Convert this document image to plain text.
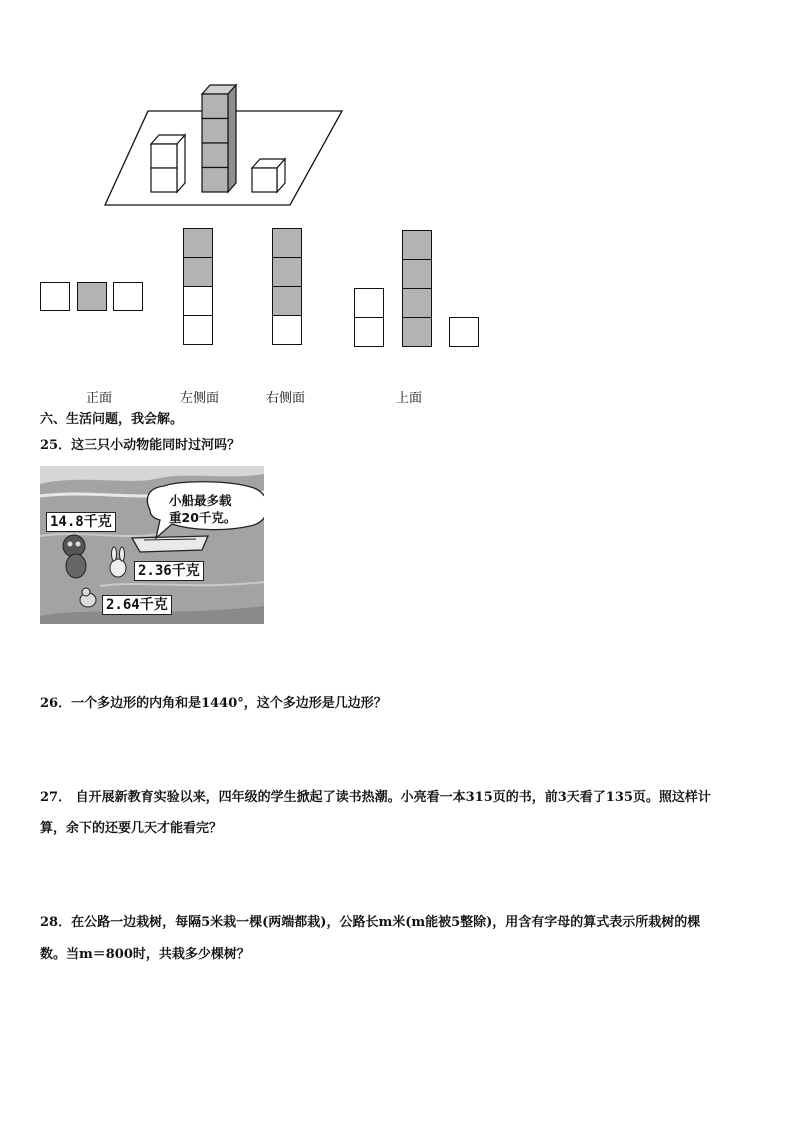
正面	左侧面	右侧面	上面
六、生活问题，我会解。
25．这三只小动物能同时过河吗？
小船最多载
重20千克。
14.8千克
2.36千克
2.64千克
26．一个多边形的内角和是1440°，这个多边形是几边形？
27． 自开展新教育实验以来，四年级的学生掀起了读书热潮。小亮看一本315页的书，前3天看了135页。照这样计
算，余下的还要几天才能看完？
28．在公路一边栽树，每隔5米栽一棵(两端都栽)，公路长m米(m能被5整除)，用含有字母的算式表示所栽树的棵
数。当m＝800时，共栽多少棵树？
